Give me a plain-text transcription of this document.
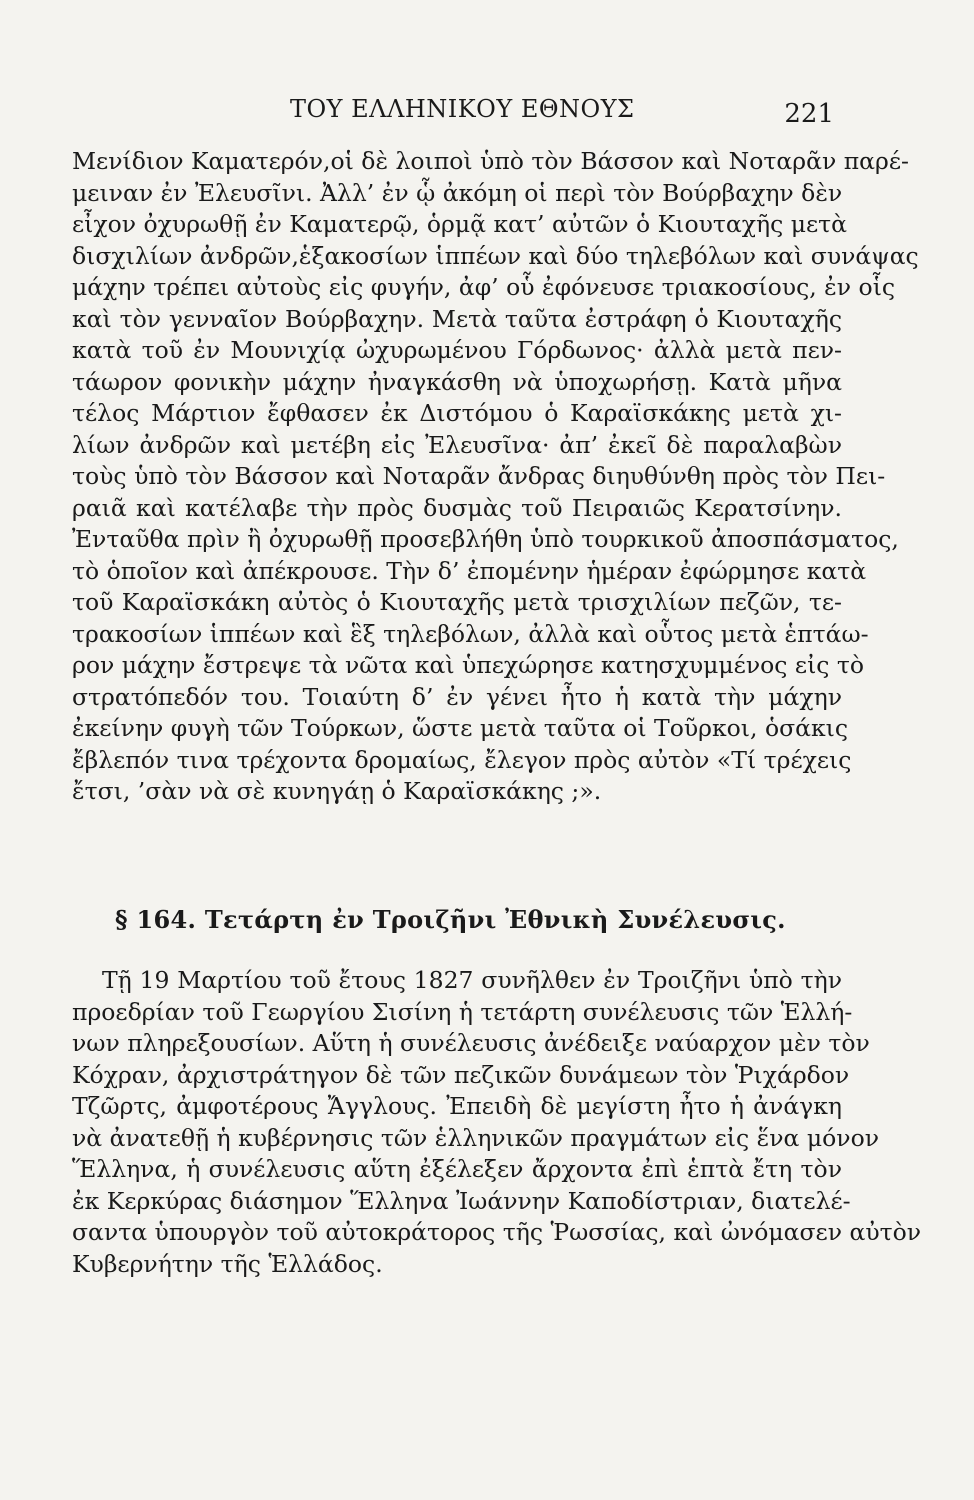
ΤΟΥ ΕΛΛΗΝΙΚΟΥ ΕΘΝΟΥΣ	221
Μενίδιον Καματερόν,οἱ δὲ λοιποὶ ὑπὸ τὸν Βάσσον καὶ Νοταρᾶν παρέ-
μειναν ἐν Ἐλευσῖνι. Ἀλλ’ ἐν ᾧ ἀκόμη οἱ περὶ τὸν Βούρβαχην δὲν
εἶχον ὀχυρωθῇ ἐν Καματερῷ, ὁρμᾷ κατ’ αὐτῶν ὁ Κιουταχῆς μετὰ
δισχιλίων ἀνδρῶν,ἑξακοσίων ἱππέων καὶ δύο τηλεβόλων καὶ συνάψας
μάχην τρέπει αὐτοὺς εἰς φυγήν, ἀφ’ οὗ ἐφόνευσε τριακοσίους, ἐν οἷς
καὶ τὸν γενναῖον Βούρβαχην. Μετὰ ταῦτα ἐστράφη ὁ Κιουταχῆς
κατὰ τοῦ ἐν Μουνιχίᾳ ὠχυρωμένου Γόρδωνος· ἀλλὰ μετὰ πεν-
τάωρον φονικὴν μάχην ἠναγκάσθη νὰ ὑποχωρήσῃ. Κατὰ μῆνα
τέλος Μάρτιον ἔφθασεν ἐκ Διστόμου ὁ Καραϊσκάκης μετὰ χι-
λίων ἀνδρῶν καὶ μετέβη εἰς Ἐλευσῖνα· ἀπ’ ἐκεῖ δὲ παραλαβὼν
τοὺς ὑπὸ τὸν Βάσσον καὶ Νοταρᾶν ἄνδρας διηυθύνθη πρὸς τὸν Πει-
ραιᾶ καὶ κατέλαβε τὴν πρὸς δυσμὰς τοῦ Πειραιῶς Κερατσίνην.
Ἐνταῦθα πρὶν ἢ ὀχυρωθῇ προσεβλήθη ὑπὸ τουρκικοῦ ἀποσπάσματος,
τὸ ὁποῖον καὶ ἀπέκρουσε. Τὴν δ’ ἐπομένην ἡμέραν ἐφώρμησε κατὰ
τοῦ Καραϊσκάκη αὐτὸς ὁ Κιουταχῆς μετὰ τρισχιλίων πεζῶν, τε-
τρακοσίων ἱππέων καὶ ἓξ τηλεβόλων, ἀλλὰ καὶ οὗτος μετὰ ἑπτάω-
ρον μάχην ἔστρεψε τὰ νῶτα καὶ ὑπεχώρησε κατησχυμμένος εἰς τὸ
στρατόπεδόν του. Τοιαύτη δ’ ἐν γένει ἦτο ἡ κατὰ τὴν μάχην
ἐκείνην φυγὴ τῶν Τούρκων, ὥστε μετὰ ταῦτα οἱ Τοῦρκοι, ὁσάκις
ἔβλεπόν τινα τρέχοντα δρομαίως, ἔλεγον πρὸς αὐτὸν «Τί τρέχεις
ἔτσι, ’σὰν νὰ σὲ κυνηγάῃ ὁ Καραϊσκάκης ;».
§ 164. Τετάρτη ἐν Τροιζῆνι Ἐθνικὴ Συνέλευσις.
Τῇ 19 Μαρτίου τοῦ ἔτους 1827 συνῆλθεν ἐν Τροιζῆνι ὑπὸ τὴν
προεδρίαν τοῦ Γεωργίου Σισίνη ἡ τετάρτη συνέλευσις τῶν Ἑλλή-
νων πληρεξουσίων. Αὕτη ἡ συνέλευσις ἀνέδειξε ναύαρχον μὲν τὸν
Κόχραν, ἀρχιστράτηγον δὲ τῶν πεζικῶν δυνάμεων τὸν Ῥιχάρδον
Τζῶρτς, ἀμφοτέρους Ἄγγλους. Ἐπειδὴ δὲ μεγίστη ἦτο ἡ ἀνάγκη
νὰ ἀνατεθῇ ἡ κυβέρνησις τῶν ἑλληνικῶν πραγμάτων εἰς ἕνα μόνον
Ἕλληνα, ἡ συνέλευσις αὕτη ἐξέλεξεν ἄρχοντα ἐπὶ ἑπτὰ ἔτη τὸν
ἐκ Κερκύρας διάσημον Ἕλληνα Ἰωάννην Καποδίστριαν, διατελέ-
σαντα ὑπουργὸν τοῦ αὐτοκράτορος τῆς Ῥωσσίας, καὶ ὠνόμασεν αὐτὸν
Κυβερνήτην τῆς Ἑλλάδος.
